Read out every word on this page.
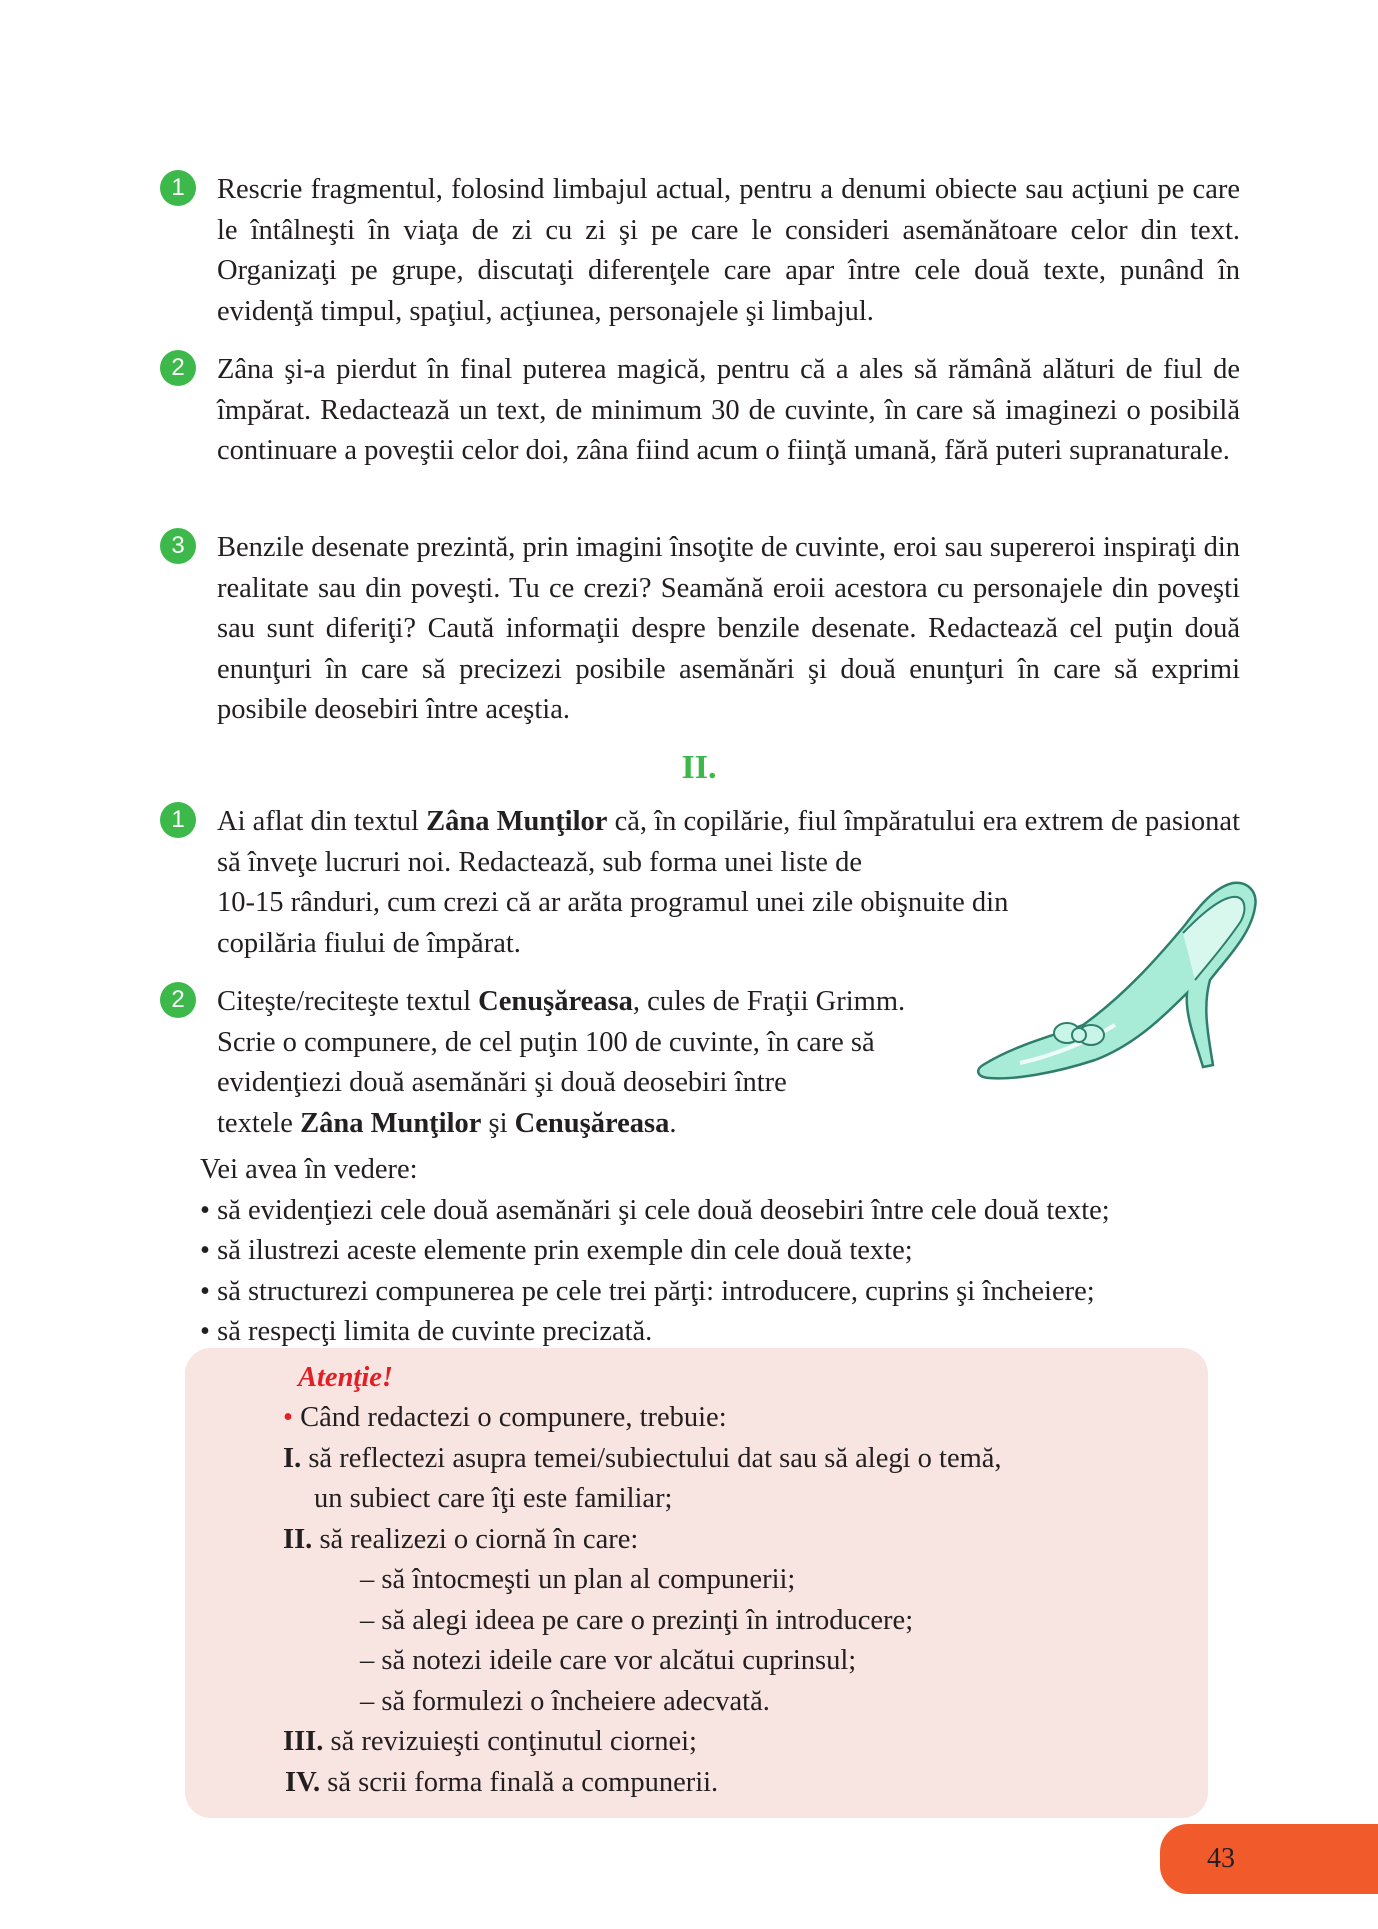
1	Rescrie fragmentul, folosind limbajul actual, pentru a denumi obiecte sau acţiuni pe care le întâlneşti în viaţa de zi cu zi şi pe care le consideri asemănătoare celor din text. Organizaţi pe grupe, discutaţi diferenţele care apar între cele două texte, punând în evidenţă timpul, spaţiul, acţiunea, personajele şi limbajul.

2	Zâna şi-a pierdut în final puterea magică, pentru că a ales să rămână alături de fiul de împărat. Redactează un text, de minimum 30 de cuvinte, în care să imaginezi o posibilă continuare a poveştii celor doi, zâna fiind acum o fiinţă umană, fără puteri supranaturale.

3	Benzile desenate prezintă, prin imagini însoţite de cuvinte, eroi sau supereroi inspiraţi din realitate sau din poveşti. Tu ce crezi? Seamănă eroii acestora cu personajele din poveşti sau sunt diferiţi? Caută informaţii despre benzile desenate. Redactează cel puţin două enunţuri în care să precizezi posibile asemănări şi două enunţuri în care să exprimi posibile deosebiri între aceştia.

II.
1	Ai aflat din textul Zâna Munţilor că, în copilărie, fiul împăratului era extrem de pasionat să înveţe lucruri noi. Redactează, sub forma unei liste de

10-15 rânduri, cum crezi că ar arăta programul unei zile obişnuite din
copilăria fiului de împărat.
2	Citeşte/reciteşte textul Cenuşăreasa, cules de Fraţii Grimm.
Scrie o compunere, de cel puţin 100 de cuvinte, în care să
evidenţiezi două asemănări şi două deosebiri între
textele Zâna Munţilor şi Cenuşăreasa.
Vei avea în vedere:
• să evidenţiezi cele două asemănări şi cele două deosebiri între cele două texte;
• să ilustrezi aceste elemente prin exemple din cele două texte;
• să structurezi compunerea pe cele trei părţi: introducere, cuprins şi încheiere;
• să respecţi limita de cuvinte precizată.
Atenţie!
• Când redactezi o compunere, trebuie:
I. să reflectezi asupra temei/subiectului dat sau să alegi o temă,
un subiect care îţi este familiar;
II. să realizezi o ciornă în care:
– să întocmeşti un plan al compunerii;
– să alegi ideea pe care o prezinţi în introducere;
– să notezi ideile care vor alcătui cuprinsul;
– să formulezi o încheiere adecvată.
III. să revizuieşti conţinutul ciornei;
IV. să scrii forma finală a compunerii.
43
